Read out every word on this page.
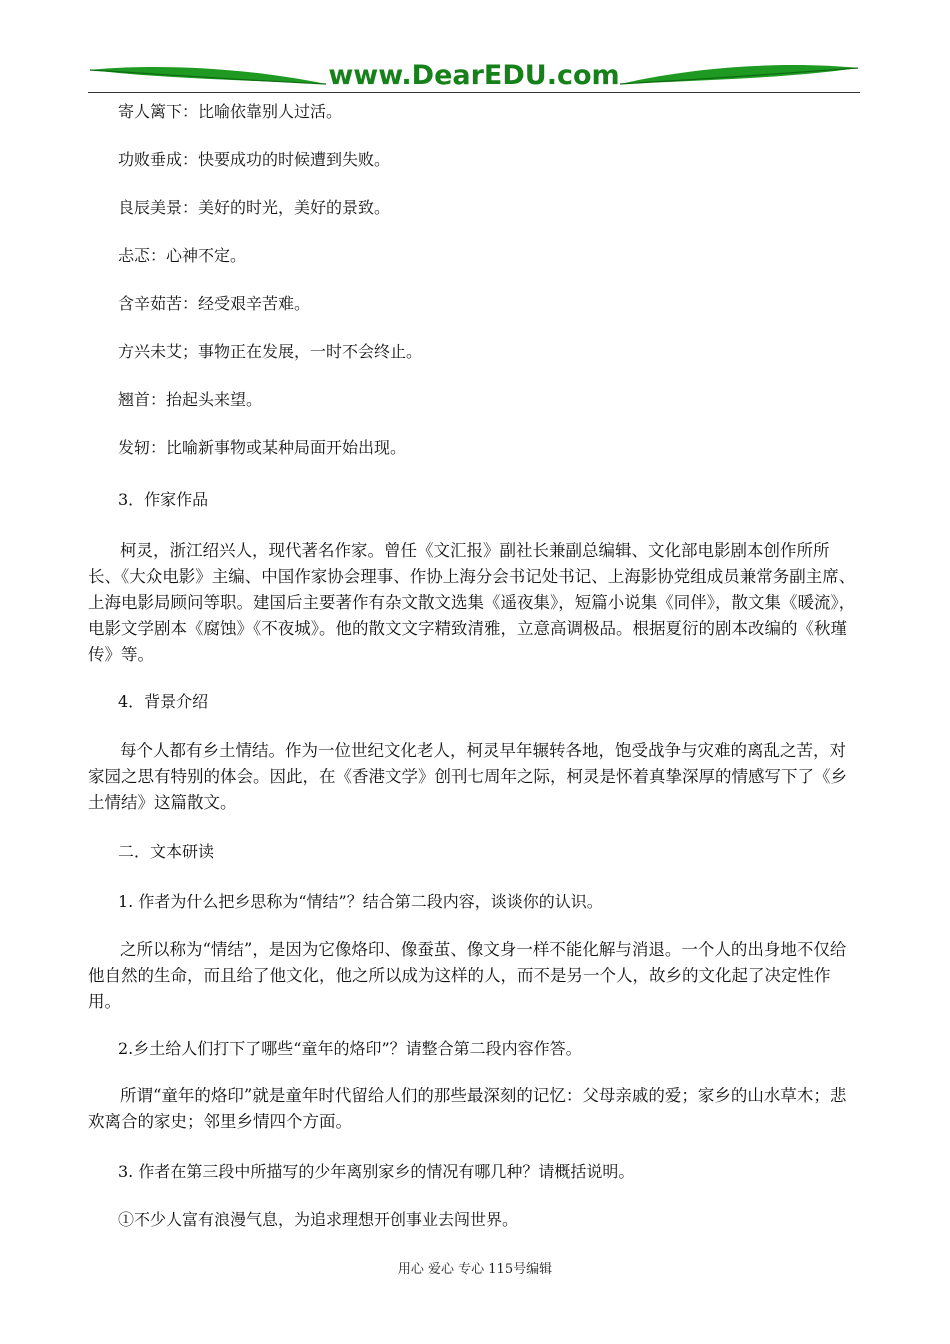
www.DearEDU.com

寄人篱下：比喻依靠别人过活。

功败垂成：快要成功的时候遭到失败。

良辰美景：美好的时光，美好的景致。

忐忑：心神不定。

含辛茹苦：经受艰辛苦难。

方兴未艾；事物正在发展，一时不会终止。

翘首：抬起头来望。

发轫：比喻新事物或某种局面开始出现。

3．作家作品

柯灵，浙江绍兴人，现代著名作家。曾任《文汇报》副社长兼副总编辑、文化部电影剧本创作所所长、《大众电影》主编、中国作家协会理事、作协上海分会书记处书记、上海影协党组成员兼常务副主席、上海电影局顾问等职。建国后主要著作有杂文散文选集《遥夜集》，短篇小说集《同伴》，散文集《暖流》，电影文学剧本《腐蚀》《不夜城》。他的散文文字精致清雅，立意高调极品。根据夏衍的剧本改编的《秋瑾传》等。

4．背景介绍

每个人都有乡土情结。作为一位世纪文化老人，柯灵早年辗转各地，饱受战争与灾难的离乱之苦，对家园之思有特别的体会。因此，在《香港文学》创刊七周年之际，柯灵是怀着真挚深厚的情感写下了《乡土情结》这篇散文。

二．文本研读

1. 作者为什么把乡思称为“情结”？结合第二段内容，谈谈你的认识。

之所以称为“情结”，是因为它像烙印、像蚕茧、像文身一样不能化解与消退。一个人的出身地不仅给他自然的生命，而且给了他文化，他之所以成为这样的人，而不是另一个人，故乡的文化起了决定性作用。

2.乡土给人们打下了哪些“童年的烙印”？请整合第二段内容作答。

所谓“童年的烙印”就是童年时代留给人们的那些最深刻的记忆：父母亲戚的爱；家乡的山水草木；悲欢离合的家史；邻里乡情四个方面。

3. 作者在第三段中所描写的少年离别家乡的情况有哪几种？请概括说明。

①不少人富有浪漫气息，为追求理想开创事业去闯世界。

用心 爱心 专心 115号编辑
